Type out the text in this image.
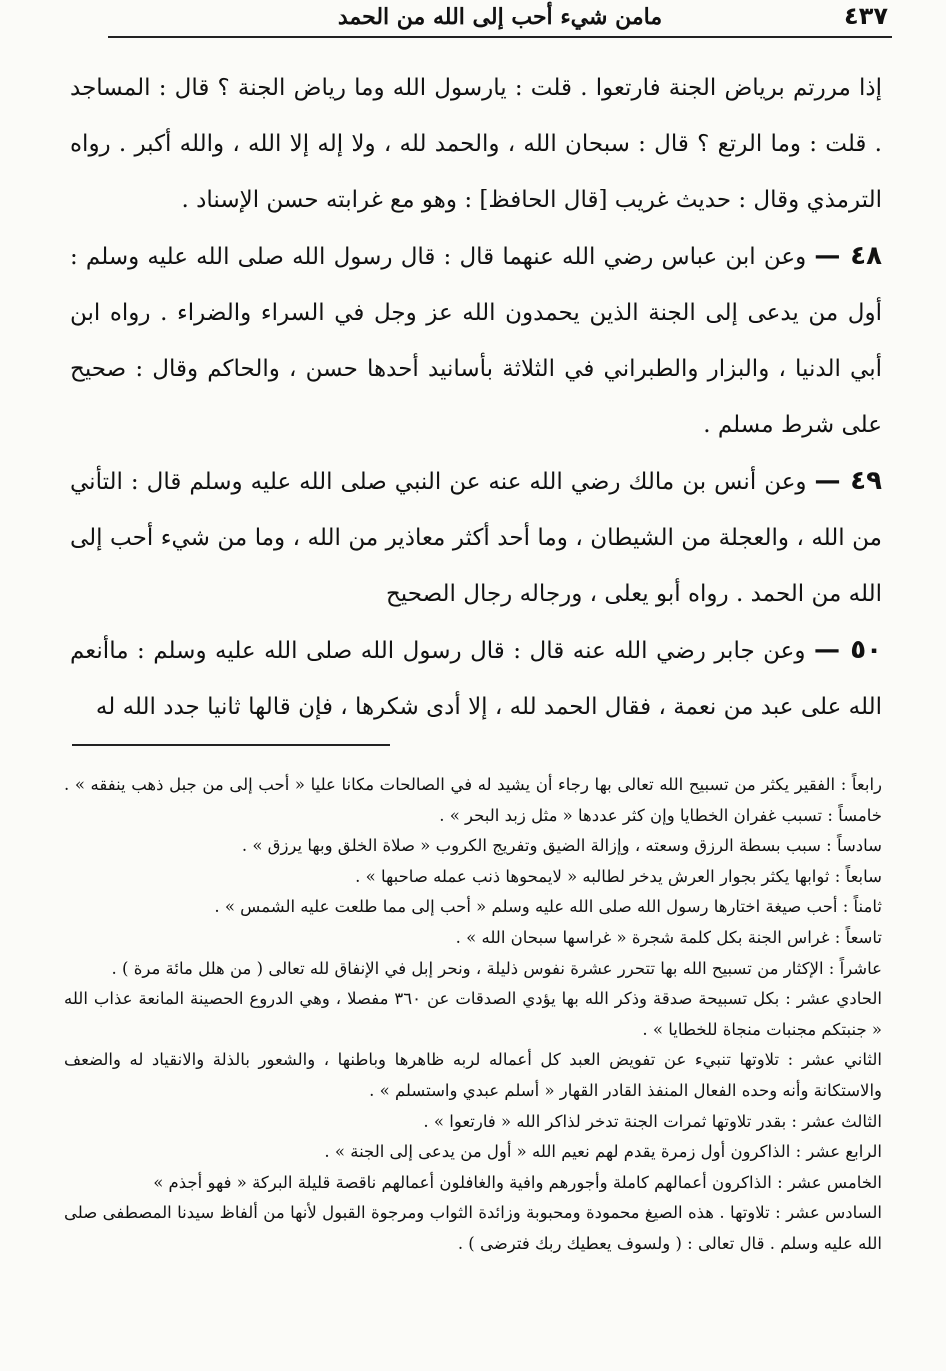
٤٣٧
مامن شيء أحب إلى الله من الحمد

إذا مررتم برياض الجنة فارتعوا . قلت : يارسول الله وما رياض الجنة ؟ قال : المساجد . قلت : وما الرتع ؟ قال : سبحان الله ، والحمد لله ، ولا إله إلا الله ، والله أكبر . رواه الترمذي وقال : حديث غريب [قال الحافظ] : وهو مع غرابته حسن الإسناد .

٤٨ — وعن ابن عباس رضي الله عنهما قال : قال رسول الله صلى الله عليه وسلم : أول من يدعى إلى الجنة الذين يحمدون الله عز وجل في السراء والضراء . رواه ابن أبي الدنيا ، والبزار والطبراني في الثلاثة بأسانيد أحدها حسن ، والحاكم وقال : صحيح على شرط مسلم .

٤٩ — وعن أنس بن مالك رضي الله عنه عن النبي صلى الله عليه وسلم قال : التأني من الله ، والعجلة من الشيطان ، وما أحد أكثر معاذير من الله ، وما من شيء أحب إلى الله من الحمد . رواه أبو يعلى ، ورجاله رجال الصحيح

٥٠ — وعن جابر رضي الله عنه قال : قال رسول الله صلى الله عليه وسلم : ماأنعم الله على عبد من نعمة ، فقال الحمد لله ، إلا أدى شكرها ، فإن قالها ثانيا جدد الله له

رابعاً : الفقير يكثر من تسبيح الله تعالى بها رجاء أن يشيد له في الصالحات مكانا عليا « أحب إلى من جبل ذهب ينفقه » . خامساً : تسبب غفران الخطايا وإن كثر عددها « مثل زبد البحر » .

سادساً : سبب بسطة الرزق وسعته ، وإزالة الضيق وتفريج الكروب « صلاة الخلق وبها يرزق » .

سابعاً : ثوابها يكثر بجوار العرش يدخر لطالبه « لايمحوها ذنب عمله صاحبها » .

ثامناً : أحب صيغة اختارها رسول الله صلى الله عليه وسلم « أحب إلى مما طلعت عليه الشمس » .

تاسعاً : غراس الجنة بكل كلمة شجرة « غراسها سبحان الله » .

عاشراً : الإكثار من تسبيح الله بها تتحرر عشرة نفوس ذليلة ، ونحر إبل في الإنفاق لله تعالى ( من هلل مائة مرة ) .

الحادي عشر : بكل تسبيحة صدقة وذكر الله بها يؤدي الصدقات عن ٣٦٠ مفصلا ، وهي الدروع الحصينة المانعة عذاب الله « جنبتكم مجنبات منجاة للخطايا » .

الثاني عشر : تلاوتها تنبيء عن تفويض العبد كل أعماله لربه ظاهرها وباطنها ، والشعور بالذلة والانقياد له والضعف والاستكانة وأنه وحده الفعال المنفذ القادر القهار « أسلم عبدي واستسلم » .

الثالث عشر : بقدر تلاوتها ثمرات الجنة تدخر لذاكر الله « فارتعوا » .

الرابع عشر : الذاكرون أول زمرة يقدم لهم نعيم الله « أول من يدعى إلى الجنة » .

الخامس عشر : الذاكرون أعمالهم كاملة وأجورهم وافية والغافلون أعمالهم ناقصة قليلة البركة « فهو أجذم »

السادس عشر : تلاوتها . هذه الصيغ محمودة ومحبوبة وزائدة الثواب ومرجوة القبول لأنها من ألفاظ سيدنا المصطفى صلى الله عليه وسلم . قال تعالى : ( ولسوف يعطيك ربك فترضى ) .
